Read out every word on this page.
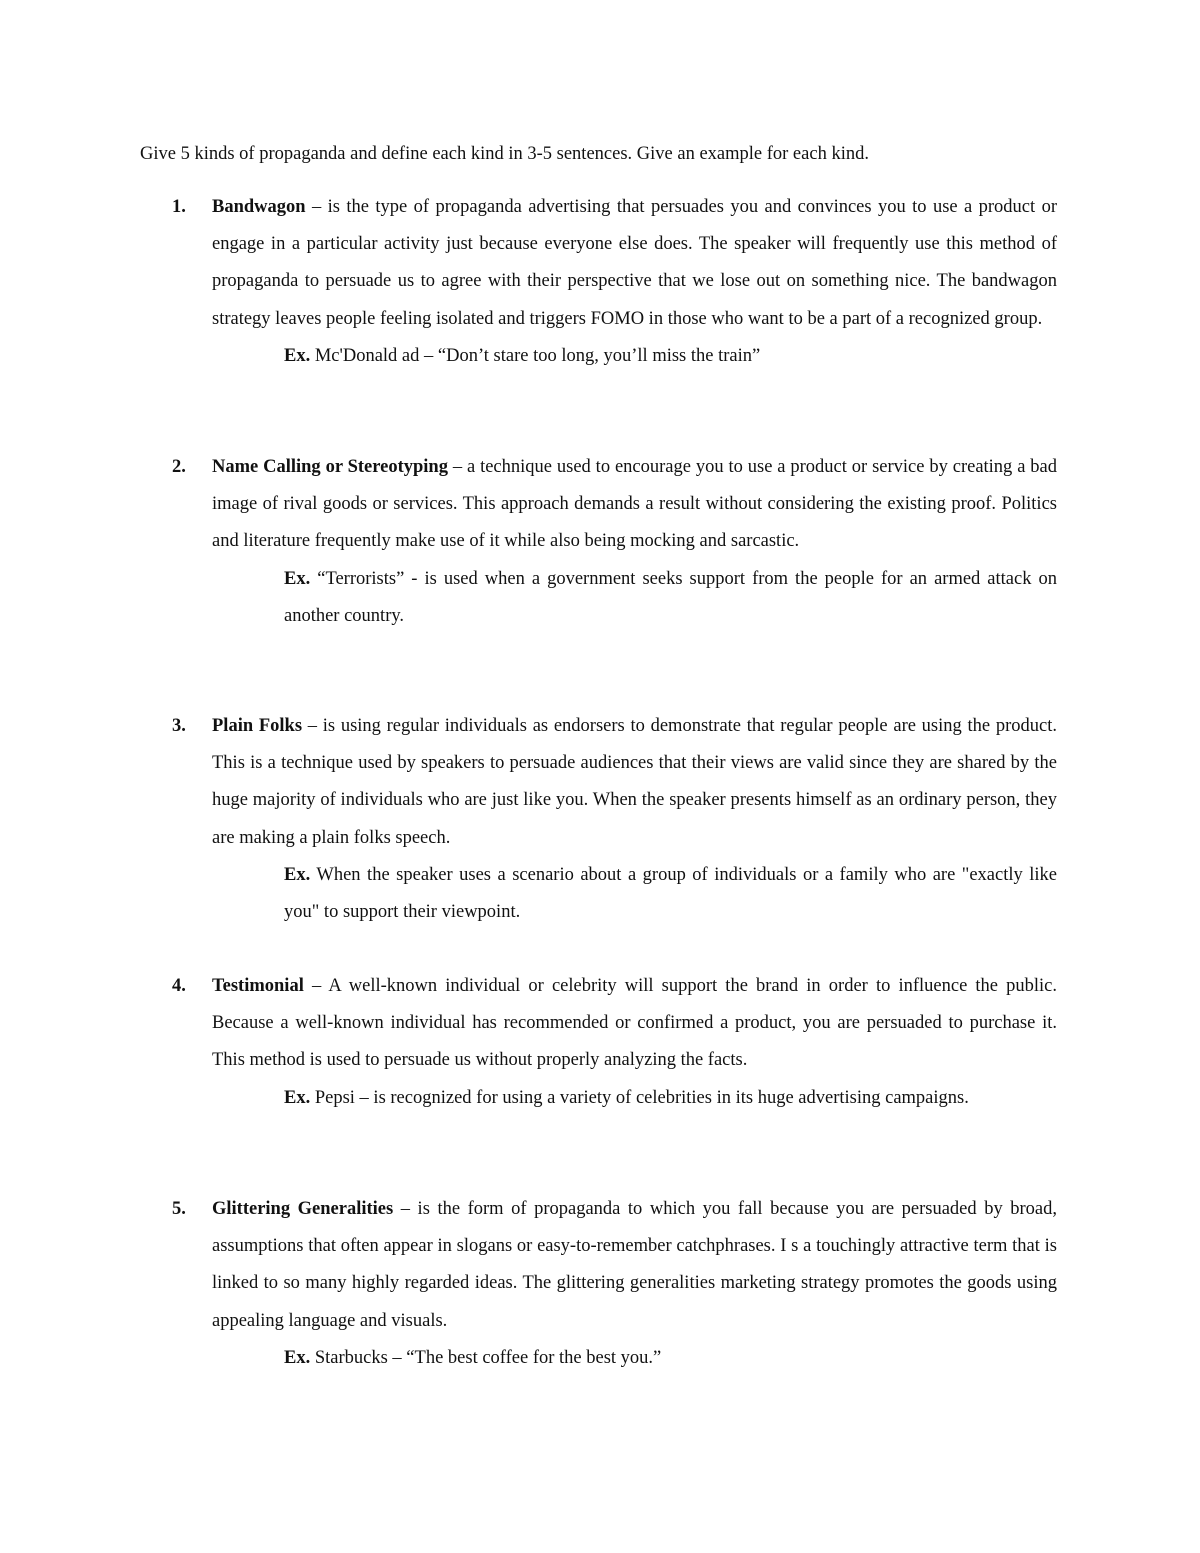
Give 5 kinds of propaganda and define each kind in 3-5 sentences. Give an example for each kind.
1. Bandwagon – is the type of propaganda advertising that persuades you and convinces you to use a product or engage in a particular activity just because everyone else does. The speaker will frequently use this method of propaganda to persuade us to agree with their perspective that we lose out on something nice. The bandwagon strategy leaves people feeling isolated and triggers FOMO in those who want to be a part of a recognized group.
Ex. Mc'Donald ad – “Don’t stare too long, you’ll miss the train”
2. Name Calling or Stereotyping – a technique used to encourage you to use a product or service by creating a bad image of rival goods or services. This approach demands a result without considering the existing proof. Politics and literature frequently make use of it while also being mocking and sarcastic.
Ex. “Terrorists” - is used when a government seeks support from the people for an armed attack on another country.
3. Plain Folks – is using regular individuals as endorsers to demonstrate that regular people are using the product. This is a technique used by speakers to persuade audiences that their views are valid since they are shared by the huge majority of individuals who are just like you. When the speaker presents himself as an ordinary person, they are making a plain folks speech.
Ex. When the speaker uses a scenario about a group of individuals or a family who are "exactly like you" to support their viewpoint.
4. Testimonial – A well-known individual or celebrity will support the brand in order to influence the public. Because a well-known individual has recommended or confirmed a product, you are persuaded to purchase it. This method is used to persuade us without properly analyzing the facts.
Ex. Pepsi – is recognized for using a variety of celebrities in its huge advertising campaigns.
5. Glittering Generalities – is the form of propaganda to which you fall because you are persuaded by broad, assumptions that often appear in slogans or easy-to-remember catchphrases. I s a touchingly attractive term that is linked to so many highly regarded ideas. The glittering generalities marketing strategy promotes the goods using appealing language and visuals.
Ex. Starbucks – “The best coffee for the best you.”
